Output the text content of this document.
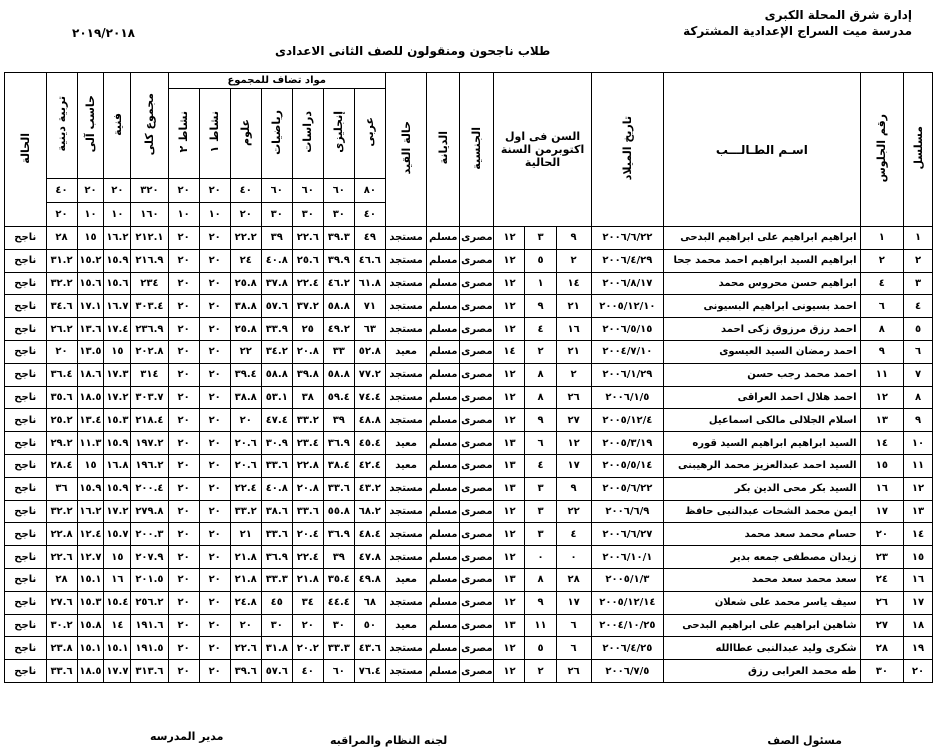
إدارة شرق المحلة الكبرى
مدرسة ميت السراج الإعدادية المشتركة
طلاب ناجحون ومنقولون للصف الثانى الاعدادى
٢٠١٩/٢٠١٨
مسلسل	رقم الجلوس	اسـم الطـالـــب	تاريخ الميلاد	السن فى اول اكتوبرمن السنة الحالية			الجنسية	الديانة	حالة القيد	مواد تضاف للمجموع							مجموع كلى	فنية	حاسب آلى	تربية دينية	الحالة
										عربى	إنجليزى	دراسات	رياضيات	علوم	نشاط ١	نشاط ٢					
										٨٠	٦٠	٦٠	٦٠	٤٠	٢٠	٢٠	٣٢٠	٢٠	٢٠	٤٠	
										٤٠	٣٠	٣٠	٣٠	٢٠	١٠	١٠	١٦٠	١٠	١٠	٢٠	
١	١	ابراهيم ابراهيم على ابراهيم البدحى	٢٠٠٦/٦/٢٢	٩	٣	١٢	مصرى	مسلم	مستجد	٤٩	٣٩.٣	٢٢.٦	٣٩	٢٢.٢	٢٠	٢٠	٢١٢.١	١٦.٢	١٥	٢٨	ناجح
٢	٢	ابراهيم السيد ابراهيم احمد محمد جحا	٢٠٠٦/٤/٢٩	٢	٥	١٢	مصرى	مسلم	مستجد	٤٦.٦	٣٩.٩	٢٥.٦	٤٠.٨	٢٤	٢٠	٢٠	٢١٦.٩	١٥.٩	١٥.٢	٣١.٢	ناجح
٣	٤	ابراهيم حسن محروس محمد	٢٠٠٦/٨/١٧	١٤	١	١٢	مصرى	مسلم	مستجد	٦١.٨	٤٦.٢	٢٢.٤	٣٧.٨	٢٥.٨	٢٠	٢٠	٢٣٤	١٥.٦	١٥.٦	٣٢.٢	ناجح
٤	٦	احمد بسيونى ابراهيم البسيونى	٢٠٠٥/١٢/١٠	٢١	٩	١٢	مصرى	مسلم	مستجد	٧١	٥٨.٨	٣٧.٢	٥٧.٦	٣٨.٨	٢٠	٢٠	٣٠٣.٤	١٦.٧	١٧.١	٣٤.٦	ناجح
٥	٨	احمد رزق مرزوق زكى احمد	٢٠٠٦/٥/١٥	١٦	٤	١٢	مصرى	مسلم	مستجد	٦٣	٤٩.٢	٢٥	٣٣.٩	٢٥.٨	٢٠	٢٠	٢٣٦.٩	١٧.٤	١٣.٦	٢٦.٢	ناجح
٦	٩	احمد رمضان السيد العيسوى	٢٠٠٤/٧/١٠	٢١	٢	١٤	مصرى	مسلم	معيد	٥٢.٨	٣٣	٢٠.٨	٣٤.٢	٢٢	٢٠	٢٠	٢٠٢.٨	١٥	١٣.٥	٢٠	ناجح
٧	١١	احمد محمد رجب حسن	٢٠٠٦/١/٢٩	٢	٨	١٢	مصرى	مسلم	مستجد	٧٧.٢	٥٨.٨	٣٩.٨	٥٨.٨	٣٩.٤	٢٠	٢٠	٣١٤	١٧.٣	١٨.٦	٣٦.٤	ناجح
٨	١٢	احمد هلال احمد العراقى	٢٠٠٦/١/٥	٢٦	٨	١٢	مصرى	مسلم	مستجد	٧٤.٤	٥٩.٤	٣٨	٥٣.١	٣٨.٨	٢٠	٢٠	٣٠٣.٧	١٧.٢	١٨.٥	٣٥.٦	ناجح
٩	١٣	اسلام الجلالى مالكى اسماعيل	٢٠٠٥/١٢/٤	٢٧	٩	١٢	مصرى	مسلم	مستجد	٤٨.٨	٣٩	٣٣.٢	٤٧.٤	٢٠	٢٠	٢٠	٢١٨.٤	١٥.٣	١٣.٤	٢٥.٢	ناجح
١٠	١٤	السيد ابراهيم ابراهيم السيد قوره	٢٠٠٥/٣/١٩	١٢	٦	١٣	مصرى	مسلم	معيد	٤٥.٤	٣٦.٩	٢٣.٤	٣٠.٩	٢٠.٦	٢٠	٢٠	١٩٧.٢	١٥.٩	١١.٣	٢٩.٢	ناجح
١١	١٥	السيد احمد عبدالعزيز محمد الرهيبنى	٢٠٠٥/٥/١٤	١٧	٤	١٣	مصرى	مسلم	معيد	٤٢.٤	٣٨.٤	٢٢.٨	٣٣.٦	٢٠.٦	٢٠	٢٠	١٩٦.٢	١٦.٨	١٥	٢٨.٤	ناجح
١٢	١٦	السيد بكر محى الدين بكر	٢٠٠٥/٦/٢٢	٩	٣	١٣	مصرى	مسلم	مستجد	٤٣.٢	٣٣.٦	٢٠.٨	٤٠.٨	٢٢.٤	٢٠	٢٠	٢٠٠.٤	١٥.٩	١٥.٩	٣٦	ناجح
١٣	١٧	ايمن محمد الشحات عبدالنبى حافظ	٢٠٠٦/٦/٩	٢٢	٣	١٢	مصرى	مسلم	مستجد	٦٨.٢	٥٥.٨	٣٣.٦	٣٨.٦	٣٣.٢	٢٠	٢٠	٢٧٩.٨	١٧.٢	١٦.٢	٣٢.٢	ناجح
١٤	٢٠	حسام محمد سعد محمد	٢٠٠٦/٦/٢٧	٤	٣	١٢	مصرى	مسلم	مستجد	٤٨.٤	٣٦.٩	٢٠.٤	٣٣.٦	٢١	٢٠	٢٠	٢٠٠.٣	١٥.٧	١٢.٤	٢٢.٨	ناجح
١٥	٢٣	زيدان مصطفى جمعه بدير	٢٠٠٦/١٠/١	٠	٠	١٢	مصرى	مسلم	مستجد	٤٧.٨	٣٩	٢٢.٤	٣٦.٩	٢١.٨	٢٠	٢٠	٢٠٧.٩	١٥	١٢.٧	٢٢.٦	ناجح
١٦	٢٤	سعد محمد سعد محمد	٢٠٠٥/١/٣	٢٨	٨	١٣	مصرى	مسلم	معيد	٤٩.٨	٣٥.٤	٢١.٨	٣٣.٣	٢١.٨	٢٠	٢٠	٢٠١.٥	١٦	١٥.١	٢٨	ناجح
١٧	٢٦	سيف ياسر محمد على شعلان	٢٠٠٥/١٢/١٤	١٧	٩	١٢	مصرى	مسلم	مستجد	٦٨	٤٤.٤	٣٤	٤٥	٢٤.٨	٢٠	٢٠	٢٥٦.٢	١٥.٤	١٥.٣	٢٧.٦	ناجح
١٨	٢٧	شاهين ابراهيم على ابراهيم البدحى	٢٠٠٤/١٠/٢٥	٦	١١	١٣	مصرى	مسلم	معيد	٥٠	٣٠	٢٠	٣٠	٢٠	٢٠	٢٠	١٩١.٦	١٤	١٥.٨	٣٠.٢	ناجح
١٩	٢٨	شكرى وليد عبدالنبى عطاالله	٢٠٠٦/٤/٢٥	٦	٥	١٢	مصرى	مسلم	مستجد	٤٣.٦	٣٣.٣	٢٠.٢	٣١.٨	٢٢.٦	٢٠	٢٠	١٩١.٥	١٥.١	١٥.١	٢٣.٨	ناجح
٢٠	٣٠	طه محمد العرابى رزق	٢٠٠٦/٧/٥	٢٦	٢	١٢	مصرى	مسلم	مستجد	٧٦.٤	٦٠	٤٠	٥٧.٦	٣٩.٦	٢٠	٢٠	٣١٣.٦	١٧.٧	١٨.٥	٣٣.٦	ناجح
مسئول الصف
لجنه النظام والمراقبه
مدير المدرسه
